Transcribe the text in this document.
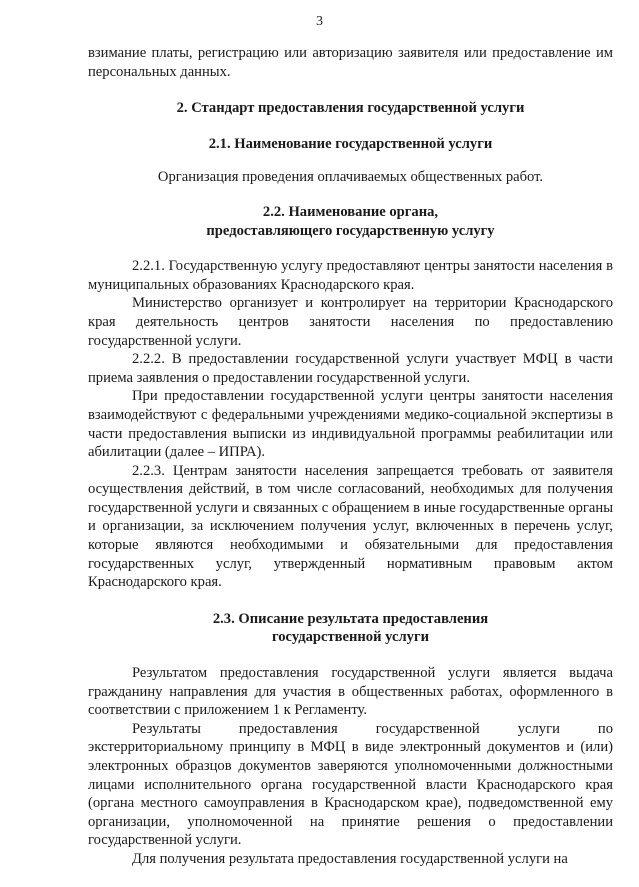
3

взимание платы, регистрацию или авторизацию заявителя или предоставление им персональных данных.

2. Стандарт предоставления государственной услуги

2.1. Наименование государственной услуги

Организация проведения оплачиваемых общественных работ.

2.2. Наименование органа,

предоставляющего государственную услугу

2.2.1. Государственную услугу предоставляют центры занятости населения в муниципальных образованиях Краснодарского края.

Министерство организует и контролирует на территории Краснодарского края деятельность центров занятости населения по предоставлению государственной услуги.

2.2.2. В предоставлении государственной услуги участвует МФЦ в части приема заявления о предоставлении государственной услуги.

При предоставлении государственной услуги центры занятости населения взаимодействуют с федеральными учреждениями медико-социальной экспертизы в части предоставления выписки из индивидуальной программы реабилитации или абилитации (далее – ИПРА).

2.2.3. Центрам занятости населения запрещается требовать от заявителя осуществления действий, в том числе согласований, необходимых для получения государственной услуги и связанных с обращением в иные государственные органы и организации, за исключением получения услуг, включенных в перечень услуг, которые являются необходимыми и обязательными для предоставления государственных услуг, утвержденный нормативным правовым актом Краснодарского края.

2.3. Описание результата предоставления

государственной услуги

Результатом предоставления государственной услуги является выдача гражданину направления для участия в общественных работах, оформленного в соответствии с приложением 1 к Регламенту.

Результаты предоставления государственной услуги по экстерриториальному принципу в МФЦ в виде электронный документов и (или) электронных образцов документов заверяются уполномоченными должностными лицами исполнительного органа государственной власти Краснодарского края (органа местного самоуправления в Краснодарском крае), подведомственной ему организации, уполномоченной на принятие решения о предоставлении государственной услуги.

Для получения результата предоставления государственной услуги на
